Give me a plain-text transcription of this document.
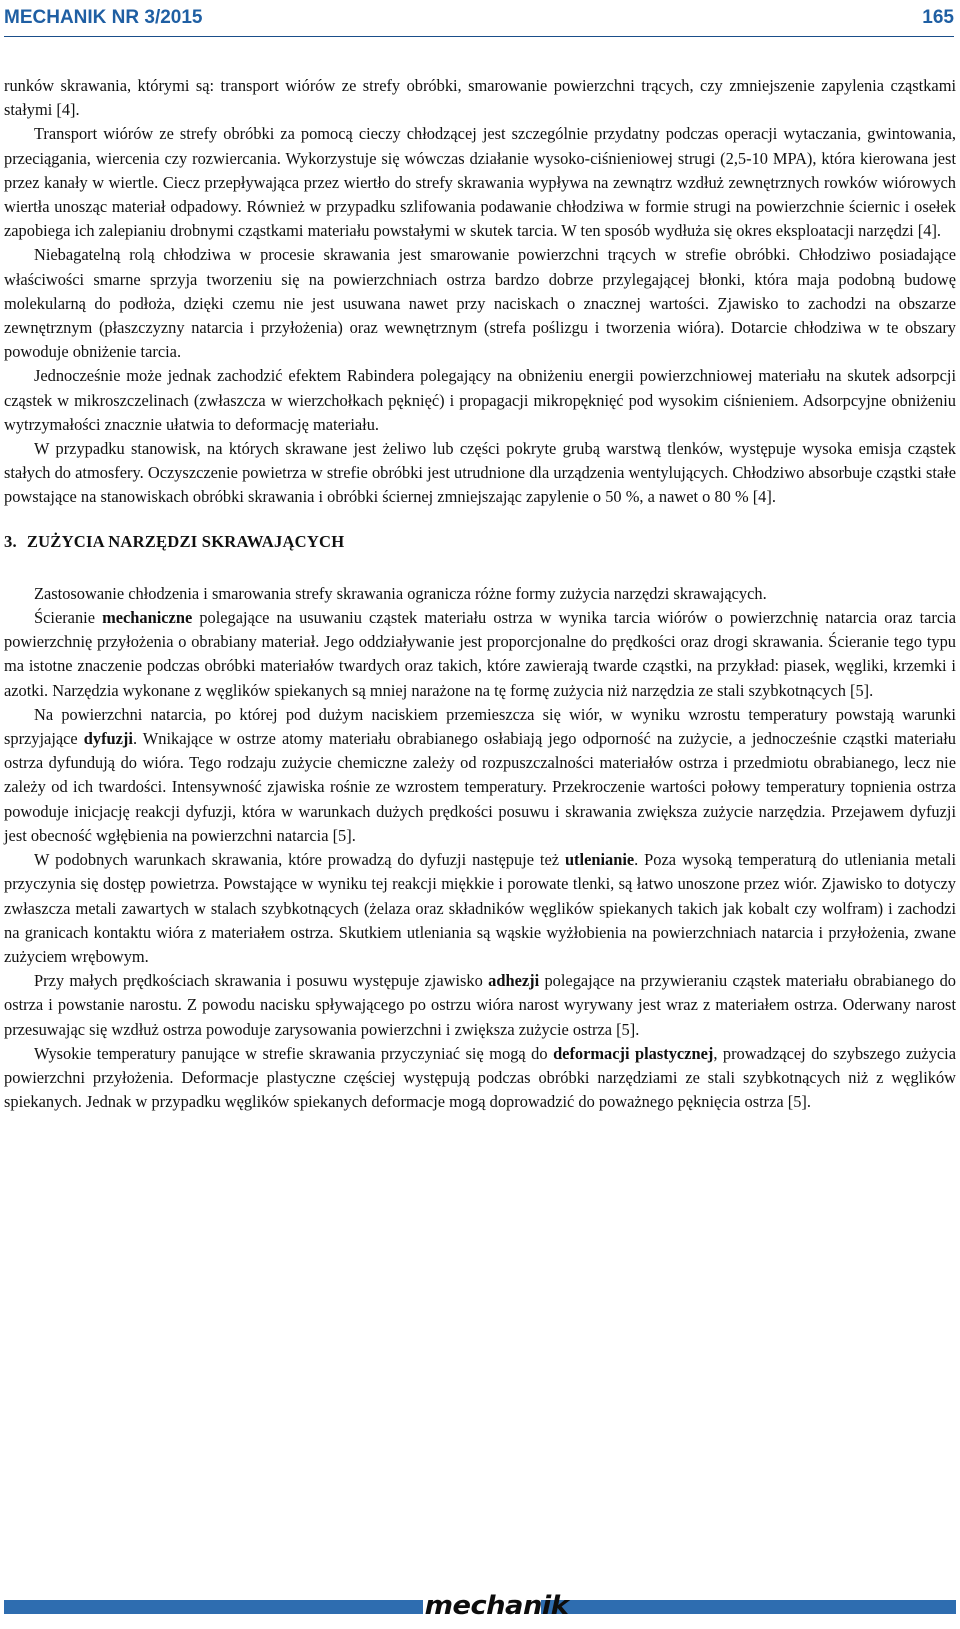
MECHANIK NR 3/2015	165

runków skrawania, którymi są: transport wiórów ze strefy obróbki, smarowanie powierzchni trących, czy zmniejszenie zapylenia cząstkami stałymi [4].

Transport wiórów ze strefy obróbki za pomocą cieczy chłodzącej jest szczególnie przydatny podczas operacji wytaczania, gwintowania, przeciągania, wiercenia czy rozwiercania. Wykorzystuje się wówczas działanie wysoko-ciśnieniowej strugi (2,5-10 MPA), która kierowana jest przez kanały w wiertle. Ciecz przepływająca przez wiertło do strefy skrawania wypływa na zewnątrz wzdłuż zewnętrznych rowków wiórowych wiertła unosząc materiał odpadowy. Również w przypadku szlifowania podawanie chłodziwa w formie strugi na powierzchnie ściernic i osełek zapobiega ich zalepianiu drobnymi cząstkami materiału powstałymi w skutek tarcia. W ten sposób wydłuża się okres eksploatacji narzędzi [4].

Niebagatelną rolą chłodziwa w procesie skrawania jest smarowanie powierzchni trących w strefie obróbki. Chłodziwo posiadające właściwości smarne sprzyja tworzeniu się na powierzchniach ostrza bardzo dobrze przylegającej błonki, która maja podobną budowę molekularną do podłoża, dzięki czemu nie jest usuwana nawet przy naciskach o znacznej wartości. Zjawisko to zachodzi na obszarze zewnętrznym (płaszczyzny natarcia i przyłożenia) oraz wewnętrznym (strefa poślizgu i tworzenia wióra). Dotarcie chłodziwa w te obszary powoduje obniżenie tarcia.

Jednocześnie może jednak zachodzić efektem Rabindera polegający na obniżeniu energii powierzchniowej materiału na skutek adsorpcji cząstek w mikroszczelinach (zwłaszcza w wierzchołkach pęknięć) i propagacji mikropęknięć pod wysokim ciśnieniem. Adsorpcyjne obniżeniu wytrzymałości znacznie ułatwia to deformację materiału.

W przypadku stanowisk, na których skrawane jest żeliwo lub części pokryte grubą warstwą tlenków, występuje wysoka emisja cząstek stałych do atmosfery. Oczyszczenie powietrza w strefie obróbki jest utrudnione dla urządzenia wentylujących. Chłodziwo absorbuje cząstki stałe powstające na stanowiskach obróbki skrawania i obróbki ściernej zmniejszając zapylenie o 50 %, a nawet o 80 % [4].

3. ZUŻYCIA NARZĘDZI SKRAWAJĄCYCH

Zastosowanie chłodzenia i smarowania strefy skrawania ogranicza różne formy zużycia narzędzi skrawających.

Ścieranie mechaniczne polegające na usuwaniu cząstek materiału ostrza w wynika tarcia wiórów o powierzchnię natarcia oraz tarcia powierzchnię przyłożenia o obrabiany materiał. Jego oddziaływanie jest proporcjonalne do prędkości oraz drogi skrawania. Ścieranie tego typu ma istotne znaczenie podczas obróbki materiałów twardych oraz takich, które zawierają twarde cząstki, na przykład: piasek, węgliki, krzemki i azotki. Narzędzia wykonane z węglików spiekanych są mniej narażone na tę formę zużycia niż narzędzia ze stali szybkotnących [5].

Na powierzchni natarcia, po której pod dużym naciskiem przemieszcza się wiór, w wyniku wzrostu temperatury powstają warunki sprzyjające dyfuzji. Wnikające w ostrze atomy materiału obrabianego osłabiają jego odporność na zużycie, a jednocześnie cząstki materiału ostrza dyfundują do wióra. Tego rodzaju zużycie chemiczne zależy od rozpuszczalności materiałów ostrza i przedmiotu obrabianego, lecz nie zależy od ich twardości. Intensywność zjawiska rośnie ze wzrostem temperatury. Przekroczenie wartości połowy temperatury topnienia ostrza powoduje inicjację reakcji dyfuzji, która w warunkach dużych prędkości posuwu i skrawania zwiększa zużycie narzędzia. Przejawem dyfuzji jest obecność wgłębienia na powierzchni natarcia [5].

W podobnych warunkach skrawania, które prowadzą do dyfuzji następuje też utlenianie. Poza wysoką temperaturą do utleniania metali przyczynia się dostęp powietrza. Powstające w wyniku tej reakcji miękkie i porowate tlenki, są łatwo unoszone przez wiór. Zjawisko to dotyczy zwłaszcza metali zawartych w stalach szybkotnących (żelaza oraz składników węglików spiekanych takich jak kobalt czy wolfram) i zachodzi na granicach kontaktu wióra z materiałem ostrza. Skutkiem utleniania są wąskie wyżłobienia na powierzchniach natarcia i przyłożenia, zwane zużyciem wrębowym.

Przy małych prędkościach skrawania i posuwu występuje zjawisko adhezji polegające na przywieraniu cząstek materiału obrabianego do ostrza i powstanie narostu. Z powodu nacisku spływającego po ostrzu wióra narost wyrywany jest wraz z materiałem ostrza. Oderwany narost przesuwając się wzdłuż ostrza powoduje zarysowania powierzchni i zwiększa zużycie ostrza [5].

Wysokie temperatury panujące w strefie skrawania przyczyniać się mogą do deformacji plastycznej, prowadzącej do szybszego zużycia powierzchni przyłożenia. Deformacje plastyczne częściej występują podczas obróbki narzędziami ze stali szybkotnących niż z węglików spiekanych. Jednak w przypadku węglików spiekanych deformacje mogą doprowadzić do poważnego pęknięcia ostrza [5].

mechanik
